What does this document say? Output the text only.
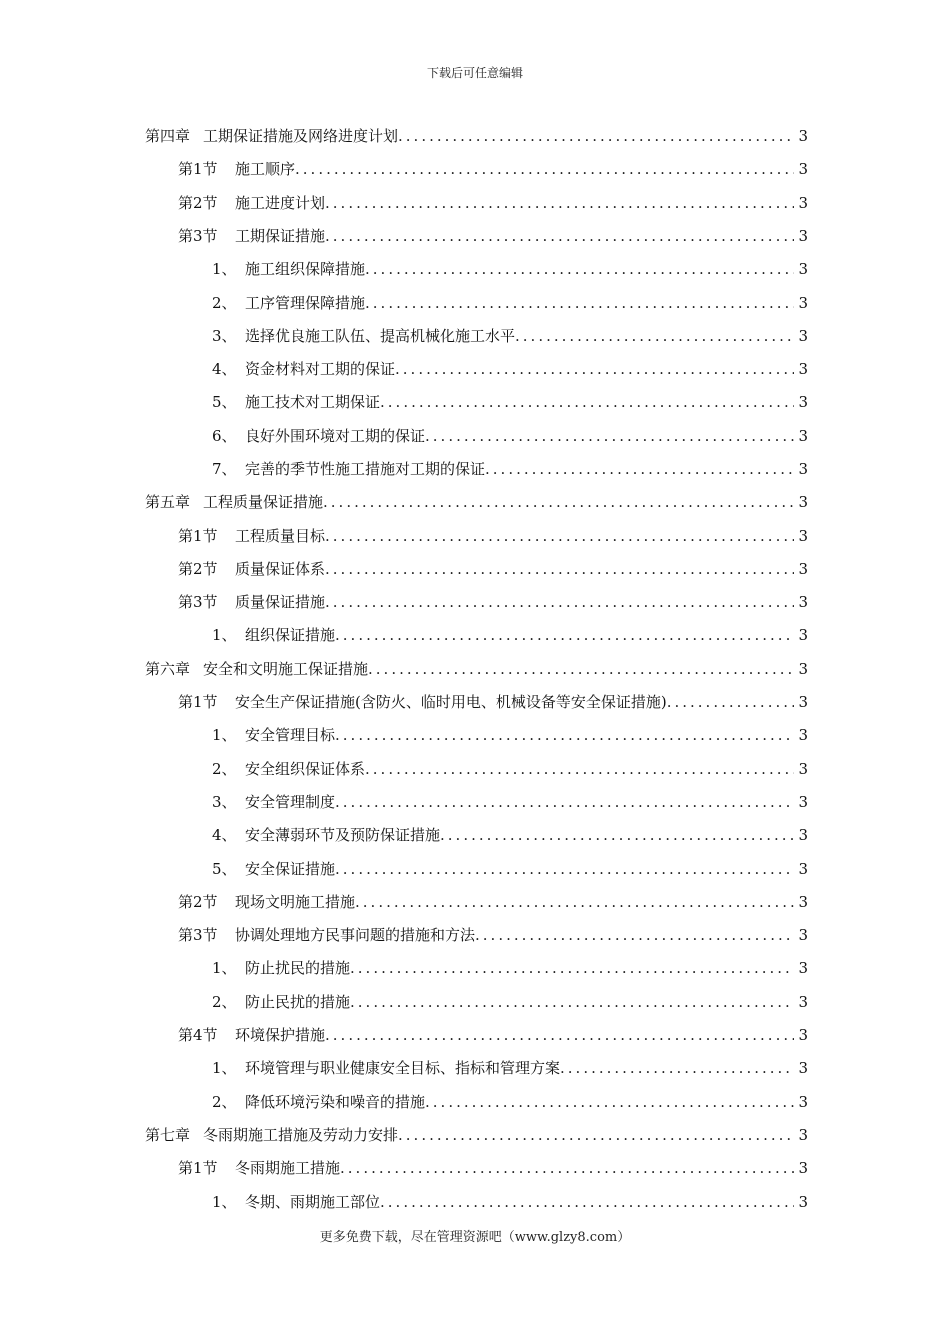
下载后可任意编辑
第四章 工期保证措施及网络进度计划 .....	3
第1节	施工顺序 .....	3
第2节	施工进度计划 .....	3
第3节	工期保证措施 .....	3
1、 施工组织保障措施 .....	3
2、 工序管理保障措施 .....	3
3、 选择优良施工队伍、提高机械化施工水平 .....	3
4、 资金材料对工期的保证 .....	3
5、 施工技术对工期保证 .....	3
6、 良好外围环境对工期的保证 .....	3
7、 完善的季节性施工措施对工期的保证 .....	3
第五章 工程质量保证措施 .....	3
第1节	工程质量目标 .....	3
第2节	质量保证体系 .....	3
第3节	质量保证措施 .....	3
1、 组织保证措施 .....	3
第六章 安全和文明施工保证措施 .....	3
第1节	安全生产保证措施(含防火、临时用电、机械设备等安全保证措施) .....	3
1、 安全管理目标 .....	3
2、 安全组织保证体系 .....	3
3、 安全管理制度 .....	3
4、 安全薄弱环节及预防保证措施 .....	3
5、 安全保证措施 .....	3
第2节	现场文明施工措施 .....	3
第3节	协调处理地方民事问题的措施和方法 .....	3
1、 防止扰民的措施 .....	3
2、 防止民扰的措施 .....	3
第4节	环境保护措施 .....	3
1、 环境管理与职业健康安全目标、指标和管理方案 .....	3
2、 降低环境污染和噪音的措施 .....	3
第七章 冬雨期施工措施及劳动力安排 .....	3
第1节	冬雨期施工措施 .....	3
1、 冬期、雨期施工部位 .....	3
更多免费下载，尽在管理资源吧（www.glzy8.com）
